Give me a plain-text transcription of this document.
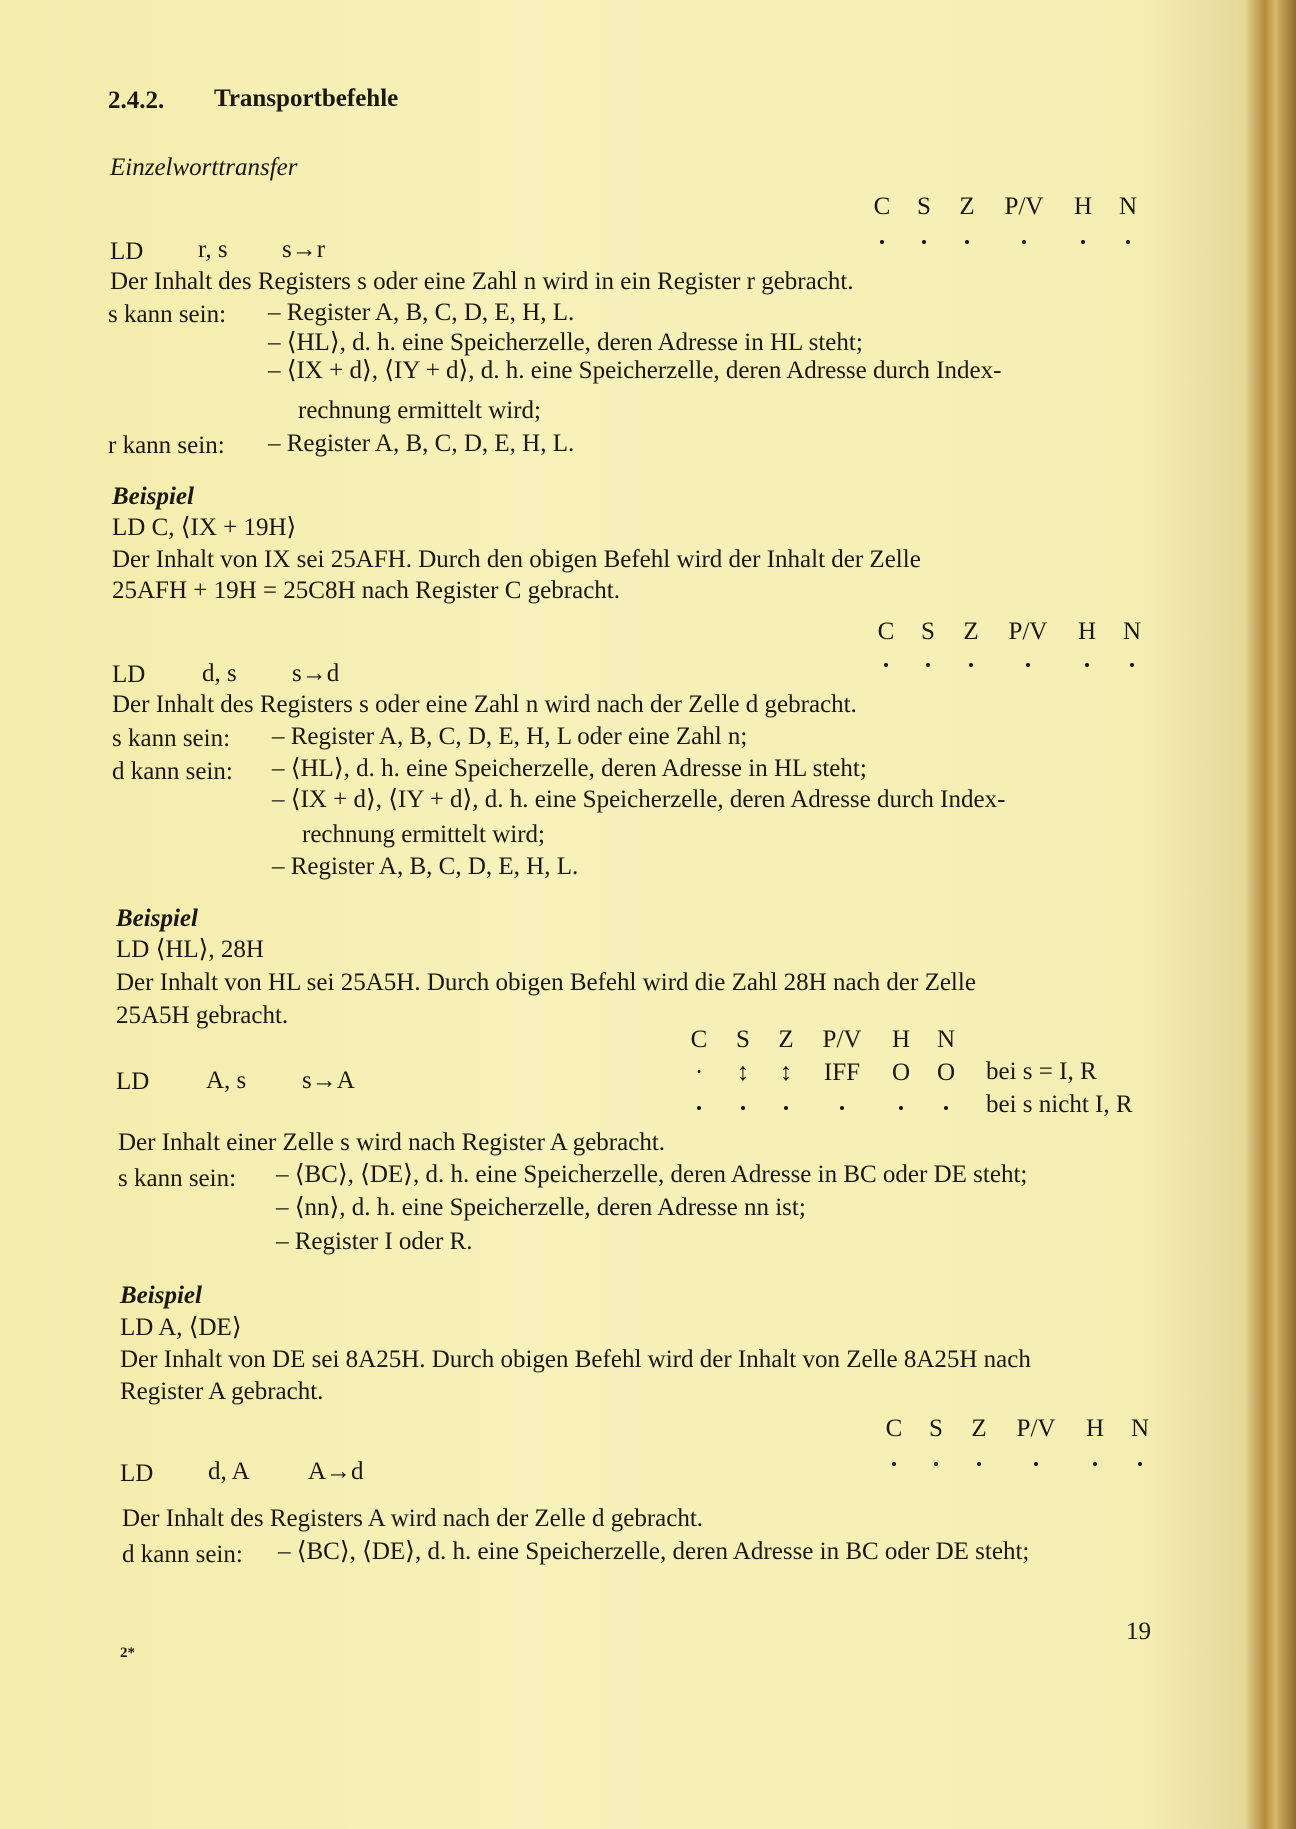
2.4.2. Transportbefehle
Einzelworttransfer
C S Z P/V H N
LD r, s s→r
Der Inhalt des Registers s oder eine Zahl n wird in ein Register r gebracht.
s kann sein: – Register A, B, C, D, E, H, L.
– ⟨HL⟩, d. h. eine Speicherzelle, deren Adresse in HL steht;
– ⟨IX + d⟩, ⟨IY + d⟩, d. h. eine Speicherzelle, deren Adresse durch Index-
rechnung ermittelt wird;
r kann sein: – Register A, B, C, D, E, H, L.
Beispiel
LD C, ⟨IX + 19H⟩
Der Inhalt von IX sei 25AFH. Durch den obigen Befehl wird der Inhalt der Zelle
25AFH + 19H = 25C8H nach Register C gebracht.
C S Z P/V H N
LD d, s s→d
Der Inhalt des Registers s oder eine Zahl n wird nach der Zelle d gebracht.
s kann sein: – Register A, B, C, D, E, H, L oder eine Zahl n;
d kann sein: – ⟨HL⟩, d. h. eine Speicherzelle, deren Adresse in HL steht;
– ⟨IX + d⟩, ⟨IY + d⟩, d. h. eine Speicherzelle, deren Adresse durch Index-
rechnung ermittelt wird;
– Register A, B, C, D, E, H, L.
Beispiel
LD ⟨HL⟩, 28H
Der Inhalt von HL sei 25A5H. Durch obigen Befehl wird die Zahl 28H nach der Zelle
25A5H gebracht.
C S Z P/V H N
· ↕ ↕ IFF O O bei s = I, R
bei s nicht I, R
LD A, s s→A
Der Inhalt einer Zelle s wird nach Register A gebracht.
s kann sein: – ⟨BC⟩, ⟨DE⟩, d. h. eine Speicherzelle, deren Adresse in BC oder DE steht;
– ⟨nn⟩, d. h. eine Speicherzelle, deren Adresse nn ist;
– Register I oder R.
Beispiel
LD A, ⟨DE⟩
Der Inhalt von DE sei 8A25H. Durch obigen Befehl wird der Inhalt von Zelle 8A25H nach
Register A gebracht.
C S Z P/V H N
LD d, A A→d
Der Inhalt des Registers A wird nach der Zelle d gebracht.
d kann sein: – ⟨BC⟩, ⟨DE⟩, d. h. eine Speicherzelle, deren Adresse in BC oder DE steht;
2*
19
